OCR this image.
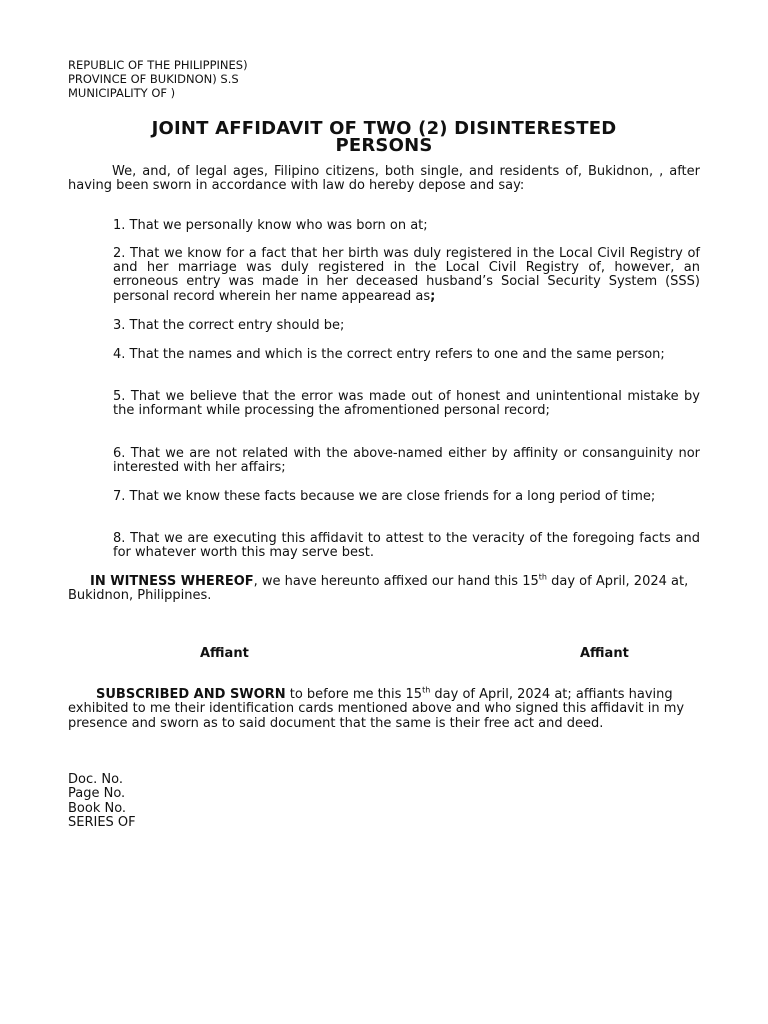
REPUBLIC OF THE PHILIPPINES)
PROVINCE OF BUKIDNON) S.S
MUNICIPALITY OF )
JOINT AFFIDAVIT OF TWO (2) DISINTERESTED
PERSONS
We, and, of legal ages, Filipino citizens, both single, and residents of, Bukidnon, , after having been sworn in accordance with law do hereby depose and say:
1. That we personally know who was born on at;
2. That we know for a fact that her birth was duly registered in the Local Civil Registry of and her marriage was duly registered in the Local Civil Registry of, however, an erroneous entry was made in her deceased husband’s Social Security System (SSS) personal record wherein her name appearead as;
3. That the correct entry should be;
4. That the names and which is the correct entry refers to one and the same person;
5. That we believe that the error was made out of honest and unintentional mistake by the informant while processing the afromentioned personal record;
6. That we are not related with the above-named either by affinity or consanguinity nor interested with her affairs;
7. That we know these facts because we are close friends for a long period of time;
8. That we are executing this affidavit to attest to the veracity of the foregoing facts and for whatever worth this may serve best.
IN WITNESS WHEREOF, we have hereunto affixed our hand this 15th day of April, 2024 at, Bukidnon, Philippines.
Affiant	Affiant
SUBSCRIBED AND SWORN to before me this 15th day of April, 2024 at; affiants having exhibited to me their identification cards mentioned above and who signed this affidavit in my presence and sworn as to said document that the same is their free act and deed.
Doc. No.
Page No.
Book No.
SERIES OF
